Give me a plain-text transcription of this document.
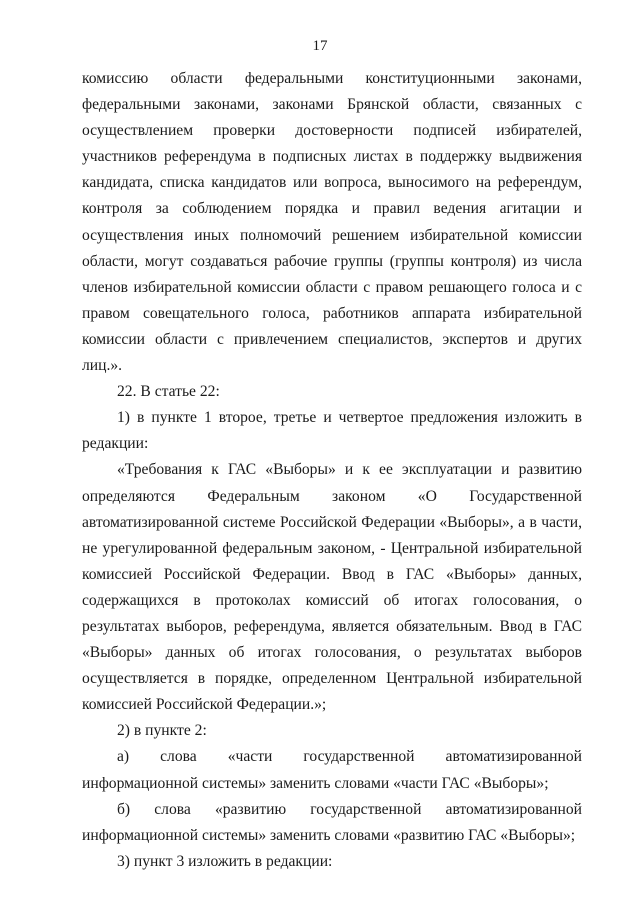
17

комиссию области федеральными конституционными законами, федеральными законами, законами Брянской области, связанных с осуществлением проверки достоверности подписей избирателей, участников референдума в подписных листах в поддержку выдвижения кандидата, списка кандидатов или вопроса, выносимого на референдум, контроля за соблюдением порядка и правил ведения агитации и осуществления иных полномочий решением избирательной комиссии области, могут создаваться рабочие группы (группы контроля) из числа членов избирательной комиссии области с правом решающего голоса и с правом совещательного голоса, работников аппарата избирательной комиссии области с привлечением специалистов, экспертов и других лиц.».

22. В статье 22:

1) в пункте 1 второе, третье и четвертое предложения изложить в редакции:

«Требования к ГАС «Выборы» и к ее эксплуатации и развитию определяются Федеральным законом «О Государственной автоматизированной системе Российской Федерации «Выборы», а в части, не урегулированной федеральным законом, - Центральной избирательной комиссией Российской Федерации. Ввод в ГАС «Выборы» данных, содержащихся в протоколах комиссий об итогах голосования, о результатах выборов, референдума, является обязательным. Ввод в ГАС «Выборы» данных об итогах голосования, о результатах выборов осуществляется в порядке, определенном Центральной избирательной комиссией Российской Федерации.»;

2) в пункте 2:

а) слова «части государственной автоматизированной информационной системы» заменить словами «части ГАС «Выборы»;

б) слова «развитию государственной автоматизированной информационной системы» заменить словами «развитию ГАС «Выборы»;

3) пункт 3 изложить в редакции:
